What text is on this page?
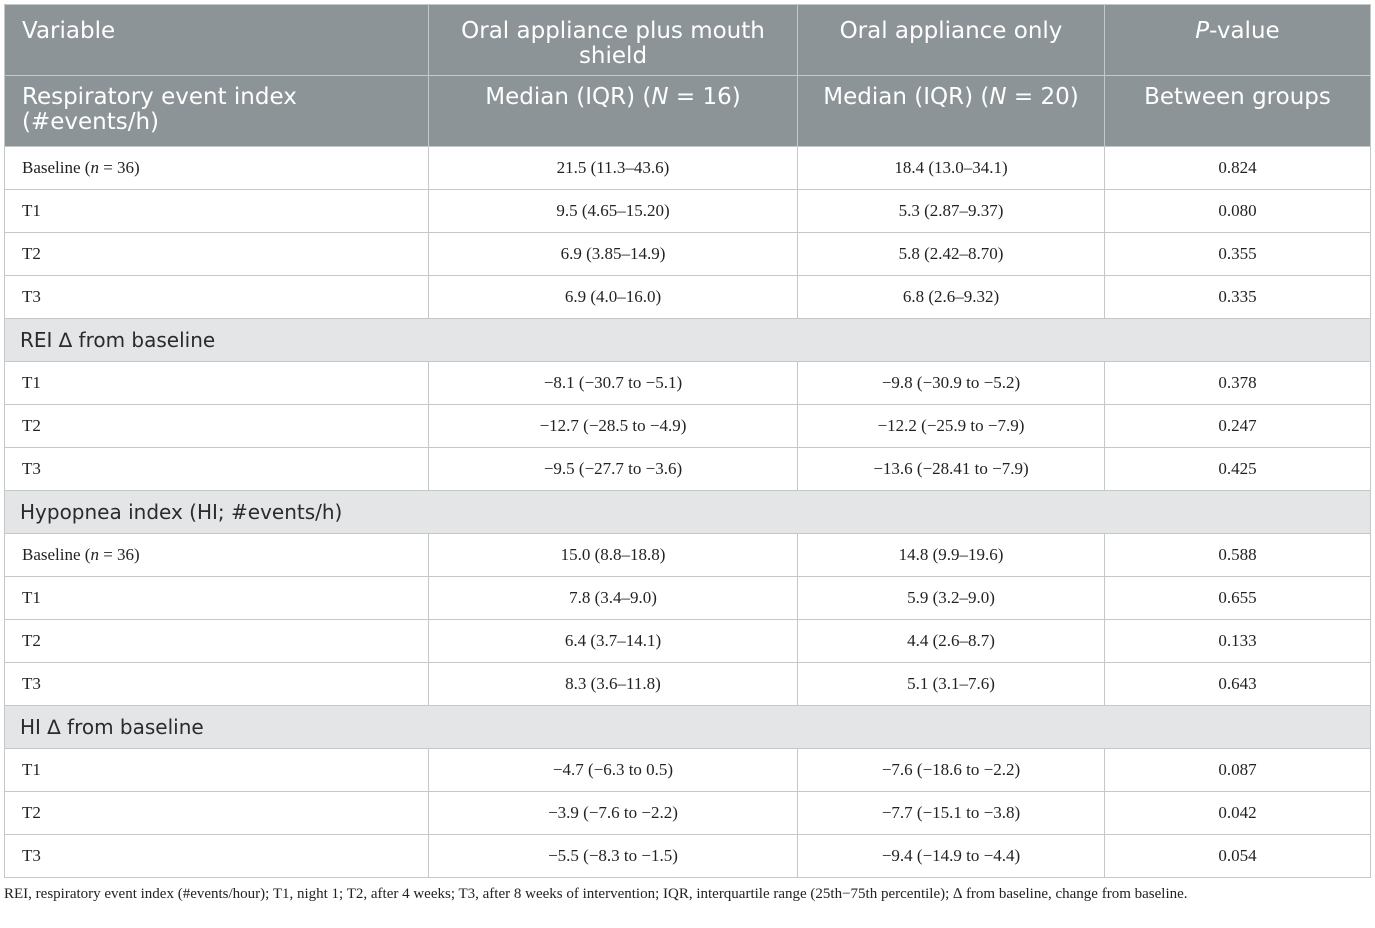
Variable	Oral appliance plus mouth shield	Oral appliance only	P-value
Respiratory event index (#events/h)	Median (IQR) (N = 16)	Median (IQR) (N = 20)	Between groups
Baseline (n = 36)	21.5 (11.3–43.6)	18.4 (13.0–34.1)	0.824
T1	9.5 (4.65–15.20)	5.3 (2.87–9.37)	0.080
T2	6.9 (3.85–14.9)	5.8 (2.42–8.70)	0.355
T3	6.9 (4.0–16.0)	6.8 (2.6–9.32)	0.335
REI ∆ from baseline			
T1	−8.1 (−30.7 to −5.1)	−9.8 (−30.9 to −5.2)	0.378
T2	−12.7 (−28.5 to −4.9)	−12.2 (−25.9 to −7.9)	0.247
T3	−9.5 (−27.7 to −3.6)	−13.6 (−28.41 to −7.9)	0.425
Hypopnea index (HI; #events/h)			
Baseline (n = 36)	15.0 (8.8–18.8)	14.8 (9.9–19.6)	0.588
T1	7.8 (3.4–9.0)	5.9 (3.2–9.0)	0.655
T2	6.4 (3.7–14.1)	4.4 (2.6–8.7)	0.133
T3	8.3 (3.6–11.8)	5.1 (3.1–7.6)	0.643
HI ∆ from baseline			
T1	−4.7 (−6.3 to 0.5)	−7.6 (−18.6 to −2.2)	0.087
T2	−3.9 (−7.6 to −2.2)	−7.7 (−15.1 to −3.8)	0.042
T3	−5.5 (−8.3 to −1.5)	−9.4 (−14.9 to −4.4)	0.054

REI, respiratory event index (#events/hour); T1, night 1; T2, after 4 weeks; T3, after 8 weeks of intervention; IQR, interquartile range (25th−75th percentile); ∆ from baseline, change from baseline.
